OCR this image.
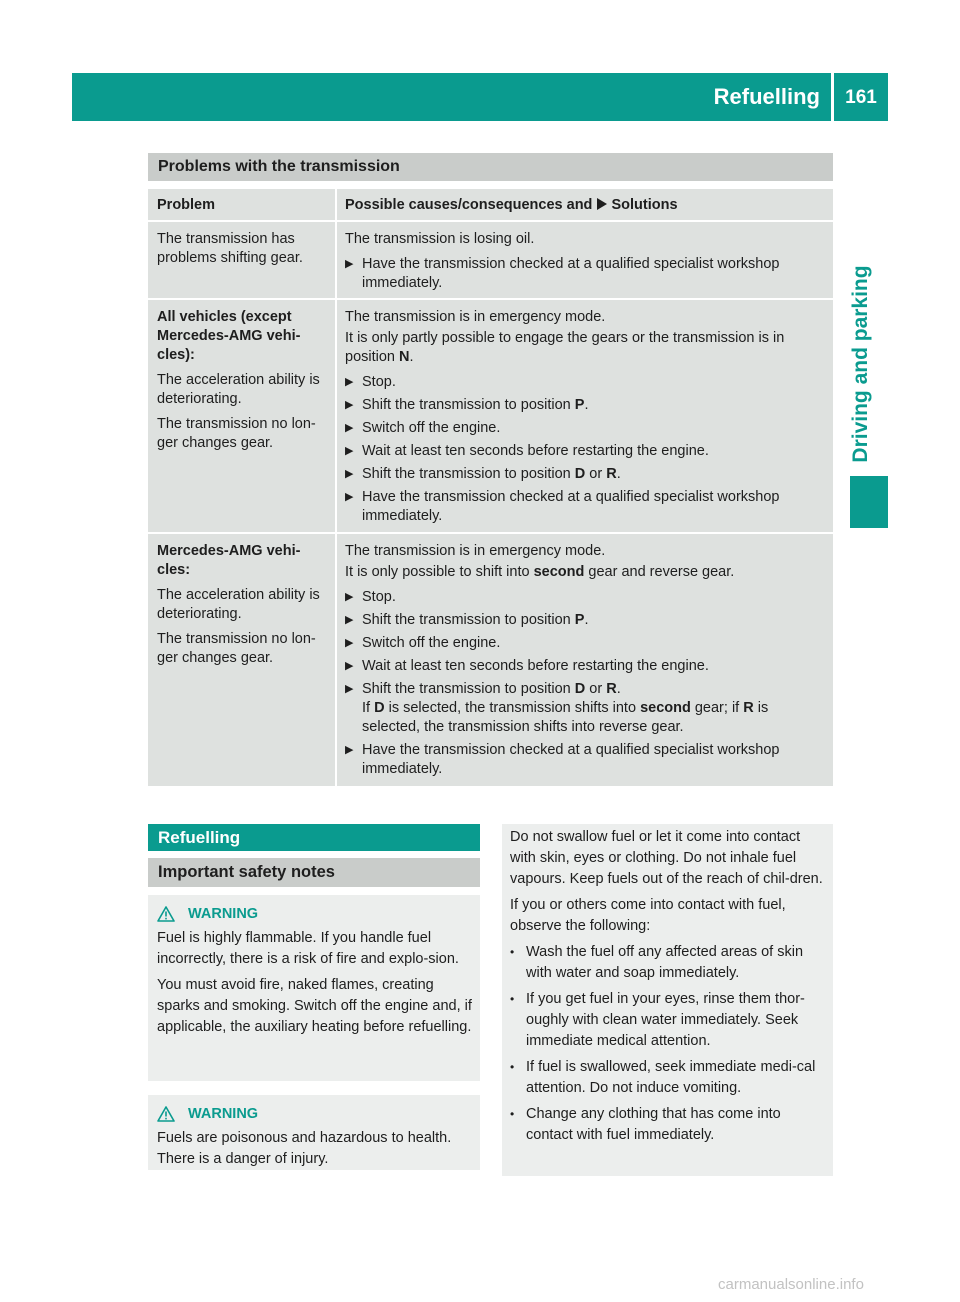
Refuelling	161
Driving and parking
Problems with the transmission
Problem	Possible causes/consequences and Solutions
The transmission has problems shifting gear.

The transmission is losing oil.

▶ Have the transmission checked at a qualified specialist workshop immediately.

All vehicles (except Mercedes-AMG vehi-cles):

The acceleration ability is deteriorating.

The transmission no lon-ger changes gear.

The transmission is in emergency mode.

It is only partly possible to engage the gears or the transmission is in position N.

▶ Stop.

▶ Shift the transmission to position P.

▶ Switch off the engine.

▶ Wait at least ten seconds before restarting the engine.

▶ Shift the transmission to position D or R.

▶ Have the transmission checked at a qualified specialist workshop immediately.

Mercedes-AMG vehi-cles:

The acceleration ability is deteriorating.

The transmission no lon-ger changes gear.

The transmission is in emergency mode.

It is only possible to shift into second gear and reverse gear.

▶ Stop.

▶ Shift the transmission to position P.

▶ Switch off the engine.

▶ Wait at least ten seconds before restarting the engine.

▶ Shift the transmission to position D or R.
If D is selected, the transmission shifts into second gear; if R is selected, the transmission shifts into reverse gear.

▶ Have the transmission checked at a qualified specialist workshop immediately.

Refuelling
Important safety notes
WARNING

Fuel is highly flammable. If you handle fuel incorrectly, there is a risk of fire and explo-sion.

You must avoid fire, naked flames, creating sparks and smoking. Switch off the engine and, if applicable, the auxiliary heating before refuelling.

WARNING

Fuels are poisonous and hazardous to health. There is a danger of injury.

Do not swallow fuel or let it come into contact with skin, eyes or clothing. Do not inhale fuel vapours. Keep fuels out of the reach of chil-dren.

If you or others come into contact with fuel, observe the following:

• Wash the fuel off any affected areas of skin with water and soap immediately.

• If you get fuel in your eyes, rinse them thor-oughly with clean water immediately. Seek immediate medical attention.

• If fuel is swallowed, seek immediate medi-cal attention. Do not induce vomiting.

• Change any clothing that has come into contact with fuel immediately.

carmanualsonline.info
